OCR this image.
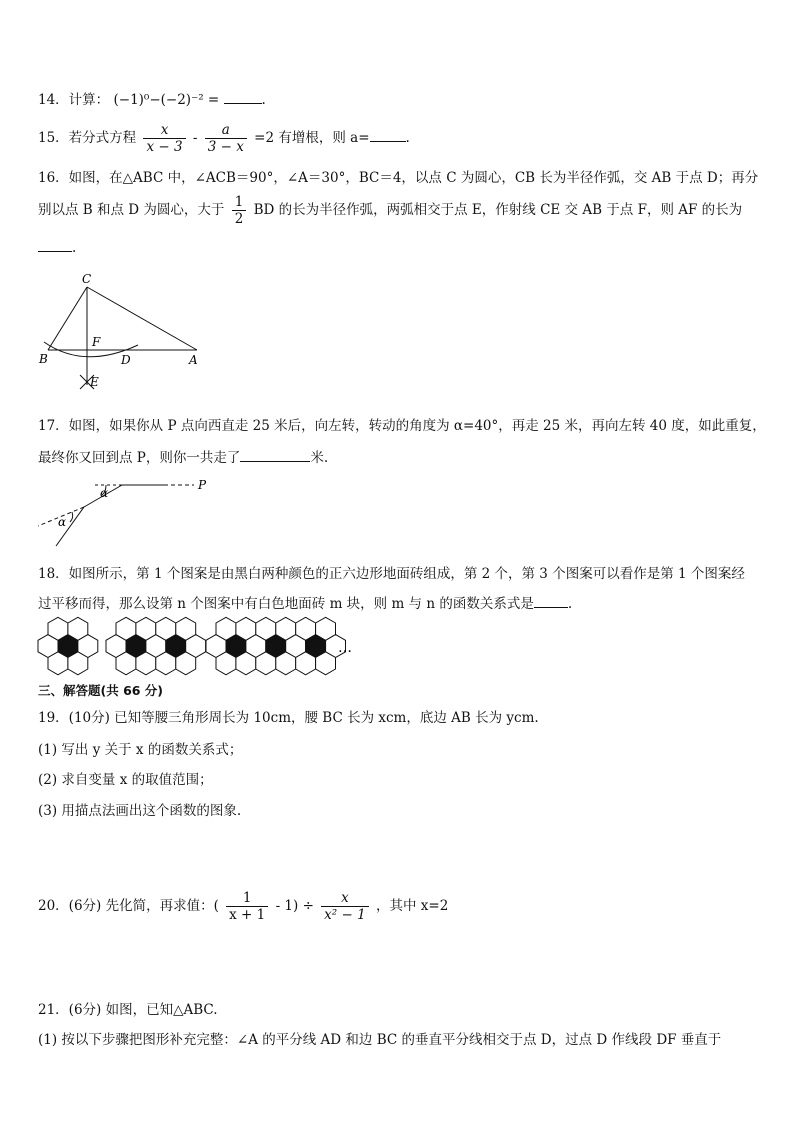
14．计算： (−1)⁰−(−2)⁻² =	.
15．若分式方程 $\frac{x}{x - 3} - \frac{a}{3 - x} =2$ 有增根，则 a=	.
16．如图，在△ABC 中，∠ACB＝90°，∠A＝30°，BC＝4，以点 C 为圆心，CB 长为半径作弧，交 AB 于点 D；再分
别以点 B 和点 D 为圆心，大于 $\frac{1}{2}$ BD 的长为半径作弧，两弧相交于点 E，作射线 CE 交 AB 于点 F，则 AF 的长为
.
C
F
B	D	A
E
17．如图，如果你从 P 点向西直走 25 米后，向左转，转动的角度为 α=40°，再走 25 米，再向左转 40 度，如此重复，
最终你又回到点 P，则你一共走了	米.
P
α
α
18．如图所示，第 1 个图案是由黑白两种颜色的正六边形地面砖组成，第 2 个，第 3 个图案可以看作是第 1 个图案经
过平移而得，那么设第 n 个图案中有白色地面砖 m 块，则 m 与 n 的函数关系式是	.
…
三、解答题(共 66 分)
19．(10分) 已知等腰三角形周长为 10cm，腰 BC 长为 xcm，底边 AB 长为 ycm.
(1) 写出 y 关于 x 的函数关系式；
(2) 求自变量 x 的取值范围；
(3) 用描点法画出这个函数的图象.
20．(6分) 先化简，再求值：( $\frac{1}{x + 1} - 1) \div \frac{x}{\text{x² − 1}}$ ，其中 x=2
21．(6分) 如图，已知△ABC.
(1) 按以下步骤把图形补充完整：∠A 的平分线 AD 和边 BC 的垂直平分线相交于点 D，过点 D 作线段 DF 垂直于
